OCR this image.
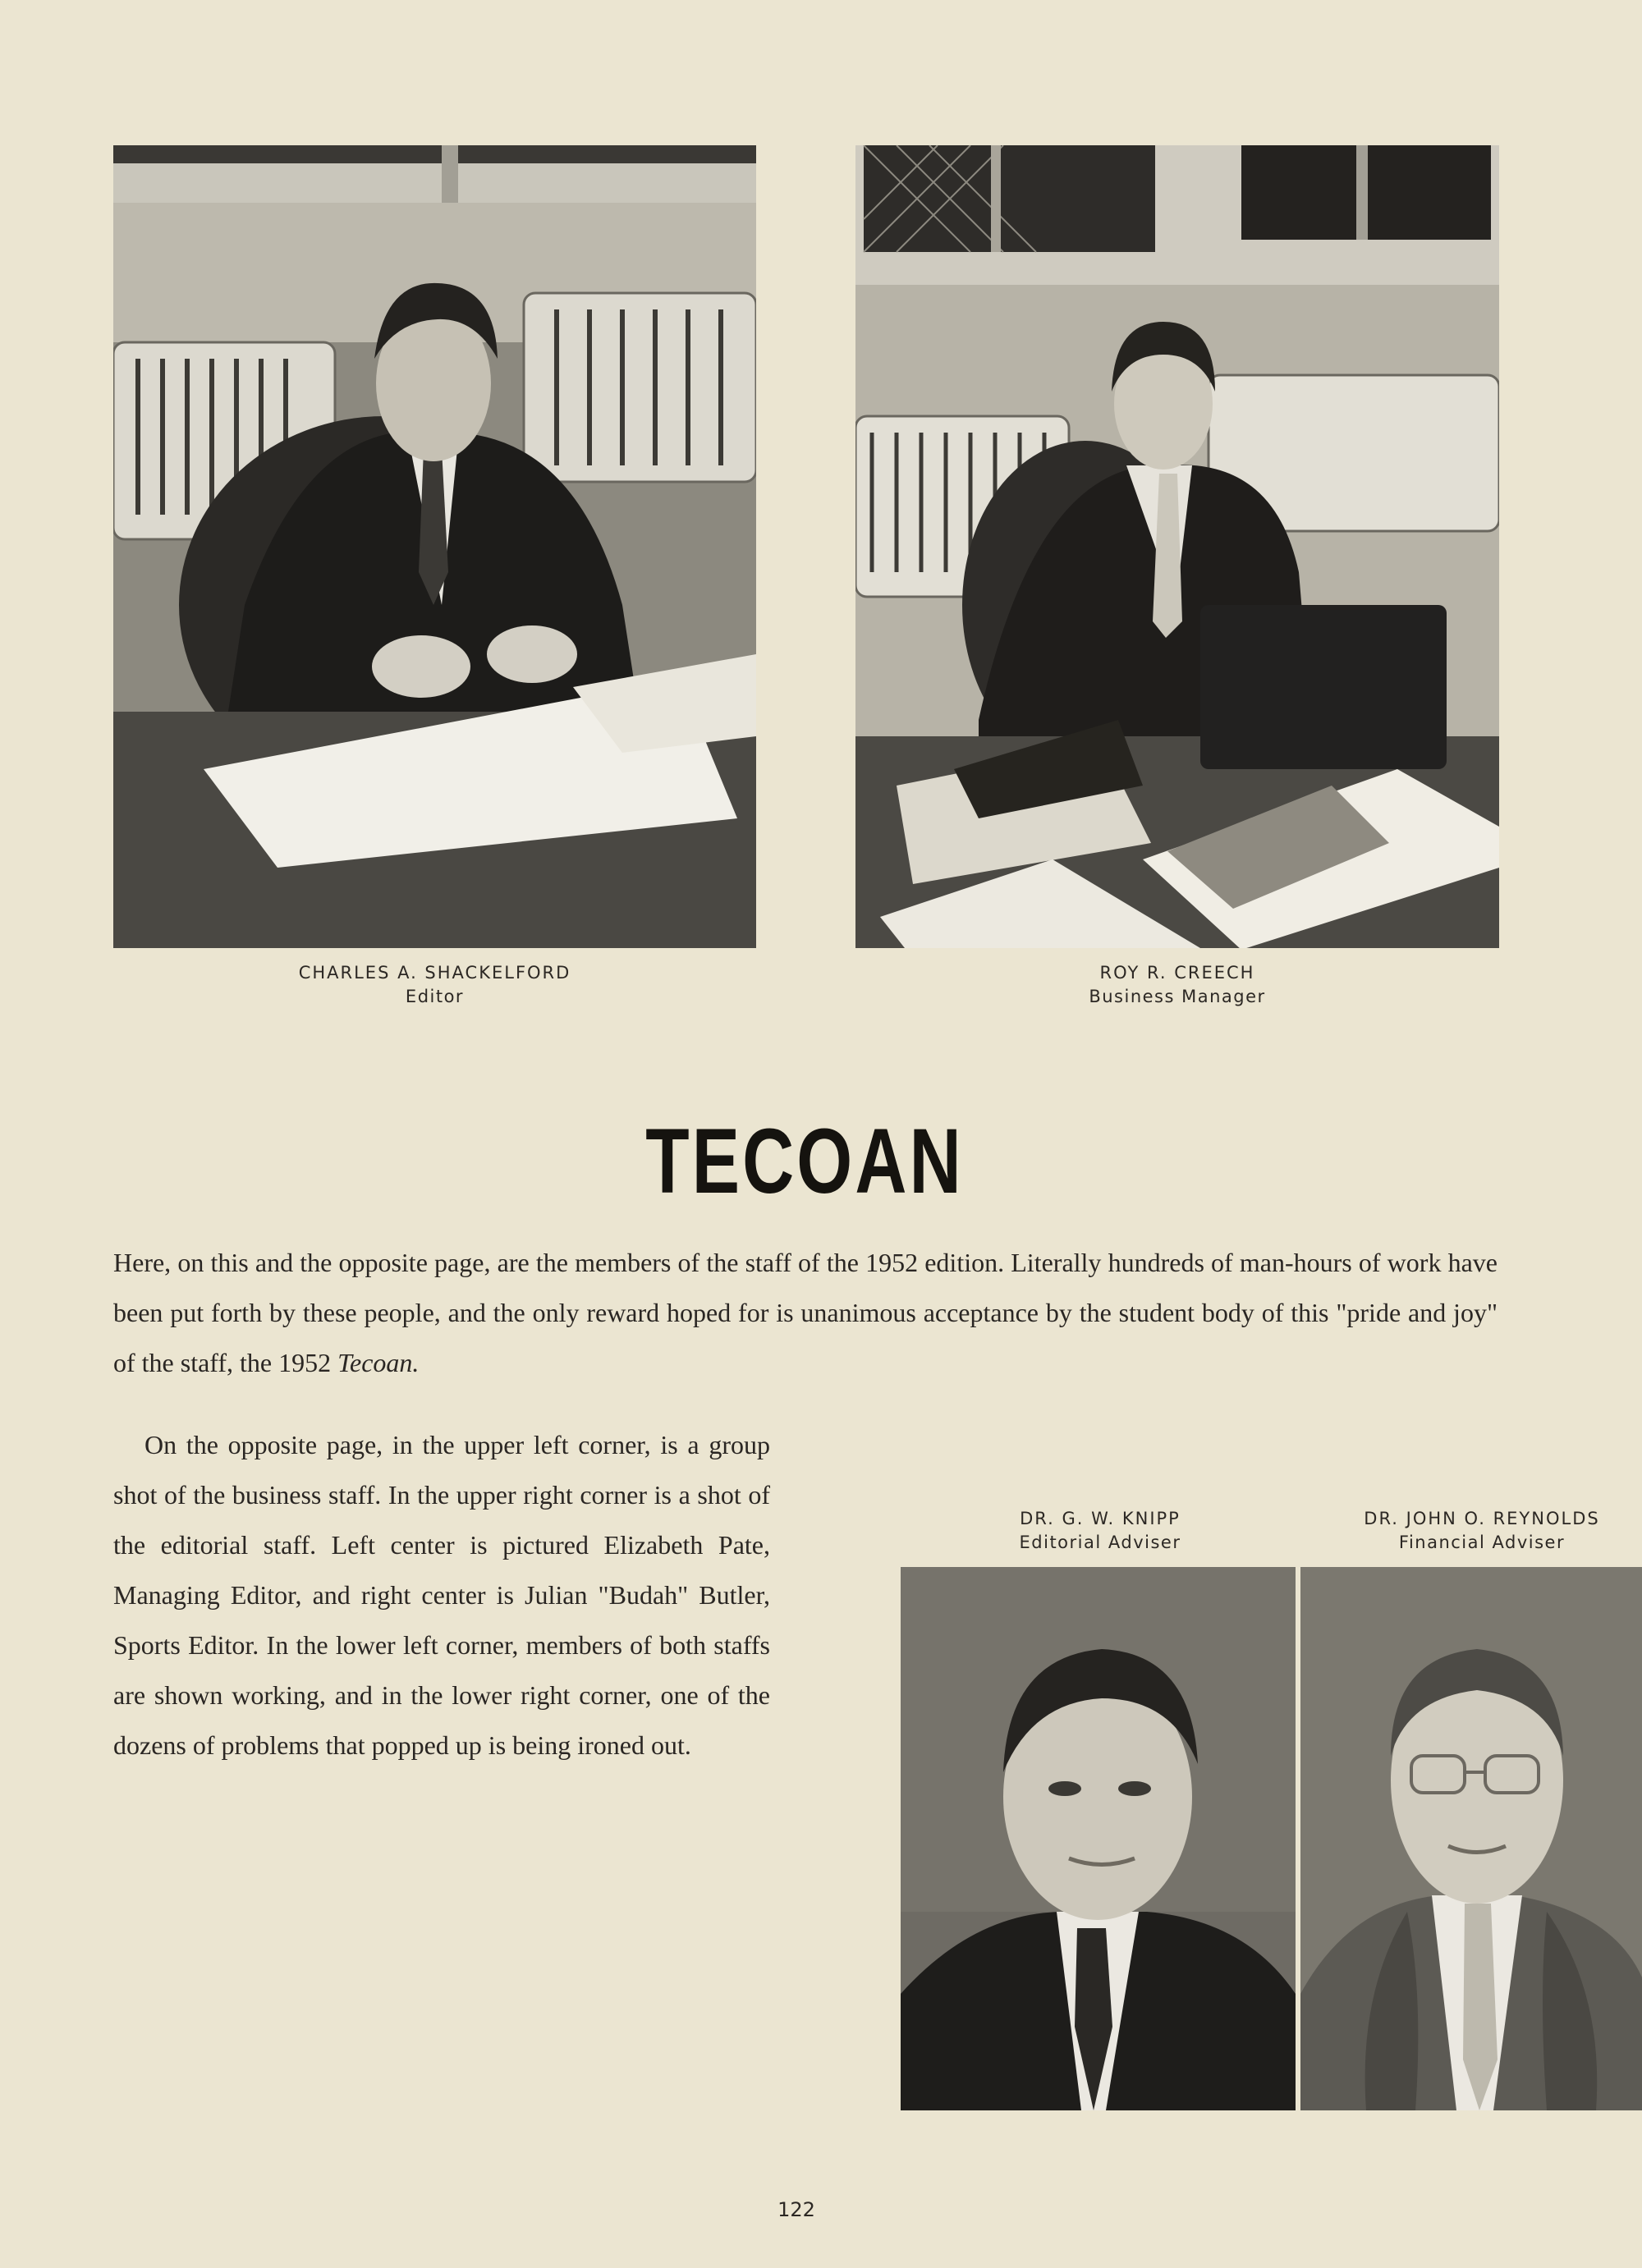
CHARLES A. SHACKELFORD
Editor
ROY R. CREECH
Business Manager
TECOAN

Here, on this and the opposite page, are the members of the staff of the 1952 edition. Literally hundreds of man-hours of work have been put forth by these people, and the only reward hoped for is unanimous acceptance by the student body of this "pride and joy" of the staff, the 1952 Tecoan.

On the opposite page, in the upper left corner, is a group shot of the business staff. In the upper right corner is a shot of the editorial staff. Left center is pictured Elizabeth Pate, Managing Editor, and right center is Julian "Budah" Butler, Sports Editor. In the lower left corner, members of both staffs are shown working, and in the lower right corner, one of the dozens of problems that popped up is being ironed out.

DR. G. W. KNIPP
Editorial Adviser
DR. JOHN O. REYNOLDS
Financial Adviser
122
